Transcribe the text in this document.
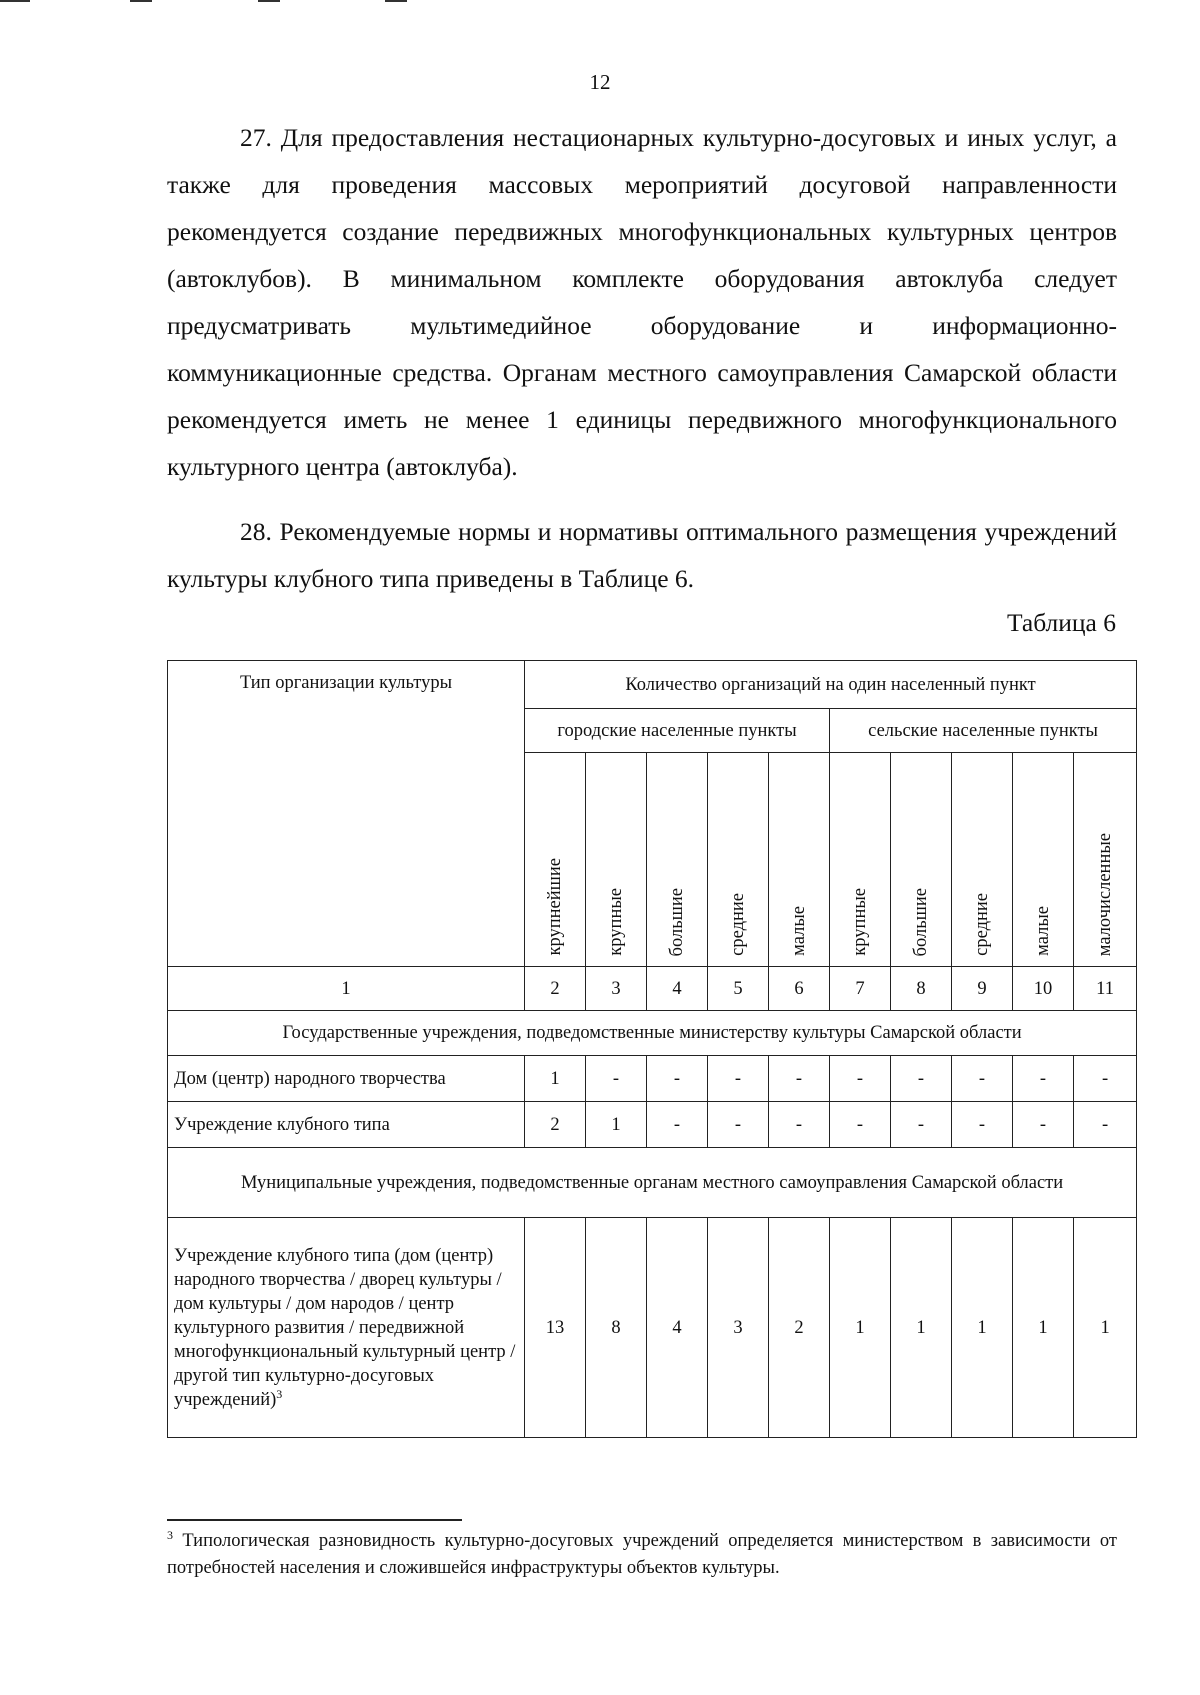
12

27. Для предоставления нестационарных культурно-досуговых и иных услуг, а также для проведения массовых мероприятий досуговой направленности рекомендуется создание передвижных многофункциональных культурных центров (автоклубов). В минимальном комплекте оборудования автоклуба следует предусматривать мультимедийное оборудование и информационно-коммуникационные средства. Органам местного самоуправления Самарской области рекомендуется иметь не менее 1 единицы передвижного многофункционального культурного центра (автоклуба).

28. Рекомендуемые нормы и нормативы оптимального размещения учреждений культуры клубного типа приведены в Таблице 6.

Таблица 6
Тип организации культуры	Количество организаций на один населенный пункт									
	городские населенные пункты					сельские населенные пункты				

	крупнейшие	крупные	большие	средние	малые	крупные	большие	средние	малые	малочисленные

1	2	3	4	5	6	7	8	9	10	11
Государственные учреждения, подведомственные министерству культуры Самарской области										
Дом (центр) народного творчества	1	-	-	-	-	-	-	-	-	-
Учреждение клубного типа	2	1	-	-	-	-	-	-	-	-
Муниципальные учреждения, подведомственные органам местного самоуправления Самарской области										
Учреждение клубного типа (дом (центр) народного творчества / дворец культуры / дом культуры / дом народов / центр культурного развития / передвижной многофункциональный культурный центр / другой тип культурно-досуговых учреждений)$^3$	13	8	4	3	2	1	1	1	1	1

$^3$ Типологическая разновидность культурно-досуговых учреждений определяется министерством в зависимости от потребностей населения и сложившейся инфраструктуры объектов культуры.
